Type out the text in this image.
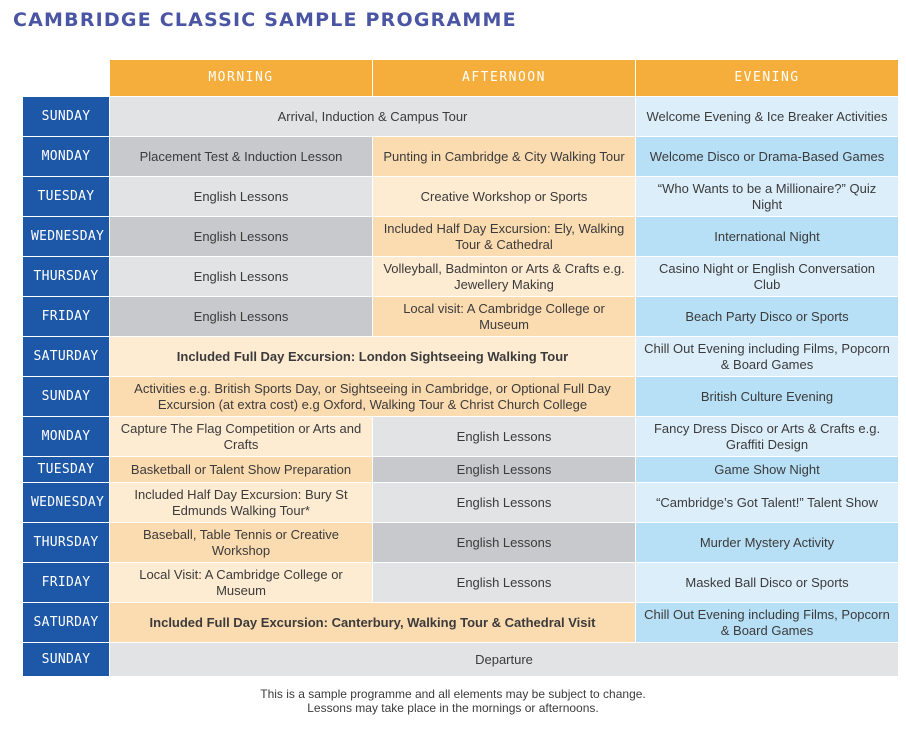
CAMBRIDGE CLASSIC SAMPLE PROGRAMME
	MORNING	AFTERNOON	EVENING
SUNDAY	Arrival, Induction & Campus Tour		Welcome Evening & Ice Breaker Activities
MONDAY	Placement Test & Induction Lesson	Punting in Cambridge & City Walking Tour	Welcome Disco or Drama-Based Games
TUESDAY	English Lessons	Creative Workshop or Sports	“Who Wants to be a Millionaire?” Quiz Night
WEDNESDAY	English Lessons	Included Half Day Excursion: Ely, Walking Tour & Cathedral	International Night
THURSDAY	English Lessons	Volleyball, Badminton or Arts & Crafts e.g. Jewellery Making	Casino Night or English Conversation Club
FRIDAY	English Lessons	Local visit: A Cambridge College or Museum	Beach Party Disco or Sports
SATURDAY	Included Full Day Excursion: London Sightseeing Walking Tour		Chill Out Evening including Films, Popcorn & Board Games
SUNDAY	Activities e.g. British Sports Day, or Sightseeing in Cambridge, or Optional Full Day Excursion (at extra cost) e.g Oxford, Walking Tour & Christ Church College		British Culture Evening
MONDAY	Capture The Flag Competition or Arts and Crafts	English Lessons	Fancy Dress Disco or Arts & Crafts e.g. Graffiti Design
TUESDAY	Basketball or Talent Show Preparation	English Lessons	Game Show Night
WEDNESDAY	Included Half Day Excursion: Bury St Edmunds Walking Tour*	English Lessons	“Cambridge’s Got Talent!” Talent Show
THURSDAY	Baseball, Table Tennis or Creative Workshop	English Lessons	Murder Mystery Activity
FRIDAY	Local Visit: A Cambridge College or Museum	English Lessons	Masked Ball Disco or Sports
SATURDAY	Included Full Day Excursion: Canterbury, Walking Tour & Cathedral Visit		Chill Out Evening including Films, Popcorn & Board Games
SUNDAY	Departure		
This is a sample programme and all elements may be subject to change.
Lessons may take place in the mornings or afternoons.
